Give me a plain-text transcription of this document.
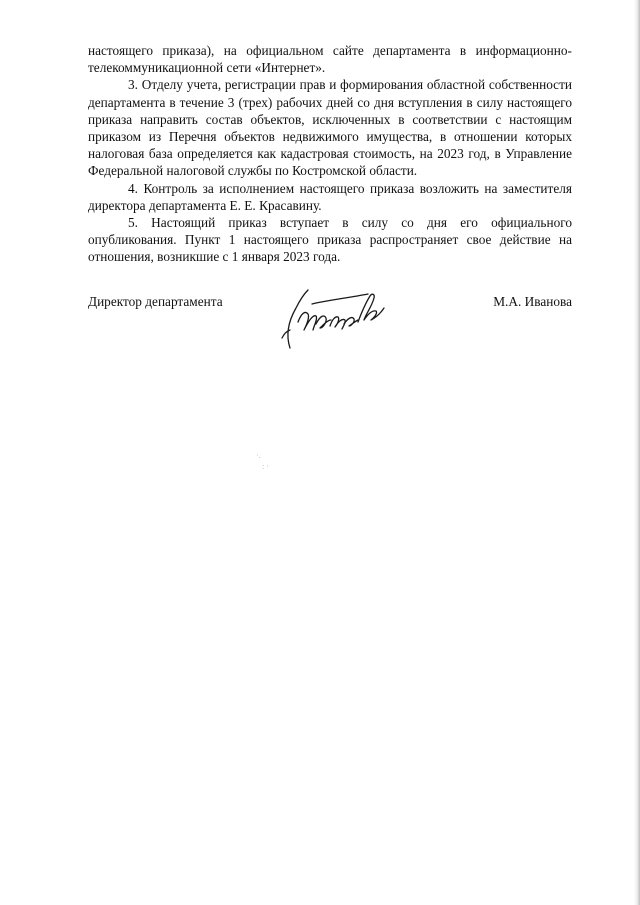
настоящего приказа), на официальном сайте департамента в информационно-телекоммуникационной сети «Интернет».

3. Отделу учета, регистрации прав и формирования областной собственности департамента в течение 3 (трех) рабочих дней со дня вступления в силу настоящего приказа направить состав объектов, исключенных в соответствии с настоящим приказом из Перечня объектов недвижимого имущества, в отношении которых налоговая база определяется как кадастровая стоимость, на 2023 год, в Управление Федеральной налоговой службы по Костромской области.

4. Контроль за исполнением настоящего приказа возложить на заместителя директора департамента Е. Е. Красавину.

5. Настоящий приказ вступает в силу со дня его официального опубликования. Пункт 1 настоящего приказа распространяет свое действие на отношения, возникшие с 1 января 2023 года.

Директор департамента	М.А. Иванова
·.
: ·
